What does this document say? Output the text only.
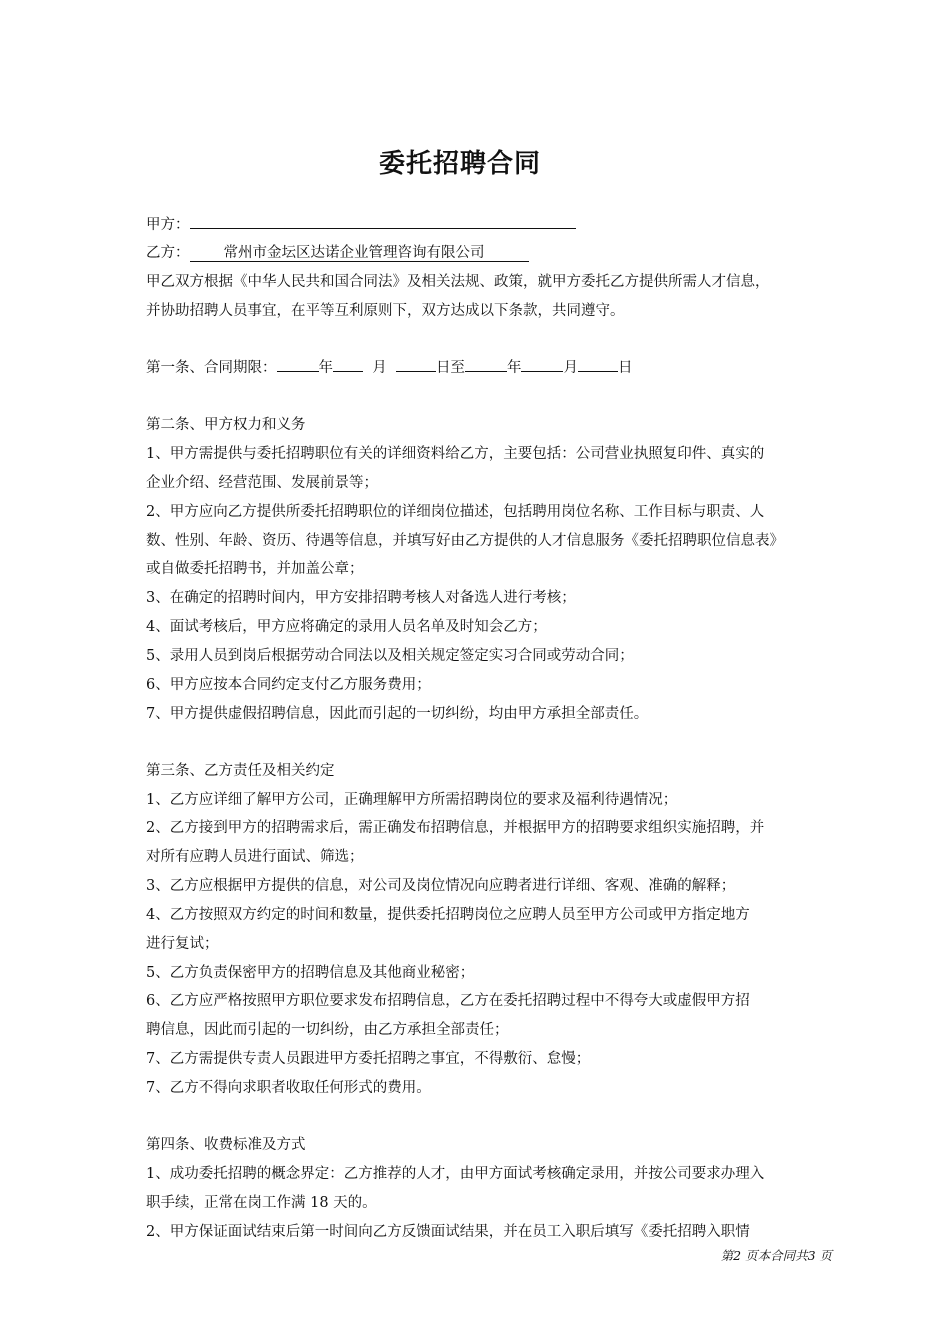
委托招聘合同
甲方：
乙方： 常州市金坛区达诺企业管理咨询有限公司
甲乙双方根据《中华人民共和国合同法》及相关法规、政策，就甲方委托乙方提供所需人才信息，
并协助招聘人员事宜，在平等互利原则下，双方达成以下条款，共同遵守。
第一条、合同期限：	年	月	日至	年	月	日
第二条、甲方权力和义务
1、甲方需提供与委托招聘职位有关的详细资料给乙方，主要包括：公司营业执照复印件、真实的
企业介绍、经营范围、发展前景等；
2、甲方应向乙方提供所委托招聘职位的详细岗位描述，包括聘用岗位名称、工作目标与职责、人
数、性别、年龄、资历、待遇等信息，并填写好由乙方提供的人才信息服务《委托招聘职位信息表》
或自做委托招聘书，并加盖公章；
3、在确定的招聘时间内，甲方安排招聘考核人对备选人进行考核；
4、面试考核后，甲方应将确定的录用人员名单及时知会乙方；
5、录用人员到岗后根据劳动合同法以及相关规定签定实习合同或劳动合同；
6、甲方应按本合同约定支付乙方服务费用；
7、甲方提供虚假招聘信息，因此而引起的一切纠纷，均由甲方承担全部责任。
第三条、乙方责任及相关约定
1、乙方应详细了解甲方公司，正确理解甲方所需招聘岗位的要求及福利待遇情况；
2、乙方接到甲方的招聘需求后，需正确发布招聘信息，并根据甲方的招聘要求组织实施招聘，并
对所有应聘人员进行面试、筛选；
3、乙方应根据甲方提供的信息，对公司及岗位情况向应聘者进行详细、客观、准确的解释；
4、乙方按照双方约定的时间和数量，提供委托招聘岗位之应聘人员至甲方公司或甲方指定地方
进行复试；
5、乙方负责保密甲方的招聘信息及其他商业秘密；
6、乙方应严格按照甲方职位要求发布招聘信息，乙方在委托招聘过程中不得夸大或虚假甲方招
聘信息，因此而引起的一切纠纷，由乙方承担全部责任；
7、乙方需提供专责人员跟进甲方委托招聘之事宜，不得敷衍、怠慢；
7、乙方不得向求职者收取任何形式的费用。
第四条、收费标准及方式
1、成功委托招聘的概念界定：乙方推荐的人才，由甲方面试考核确定录用，并按公司要求办理入
职手续，正常在岗工作满 18 天的。
2、甲方保证面试结束后第一时间向乙方反馈面试结果，并在员工入职后填写《委托招聘入职情
第2 页本合同共3 页
